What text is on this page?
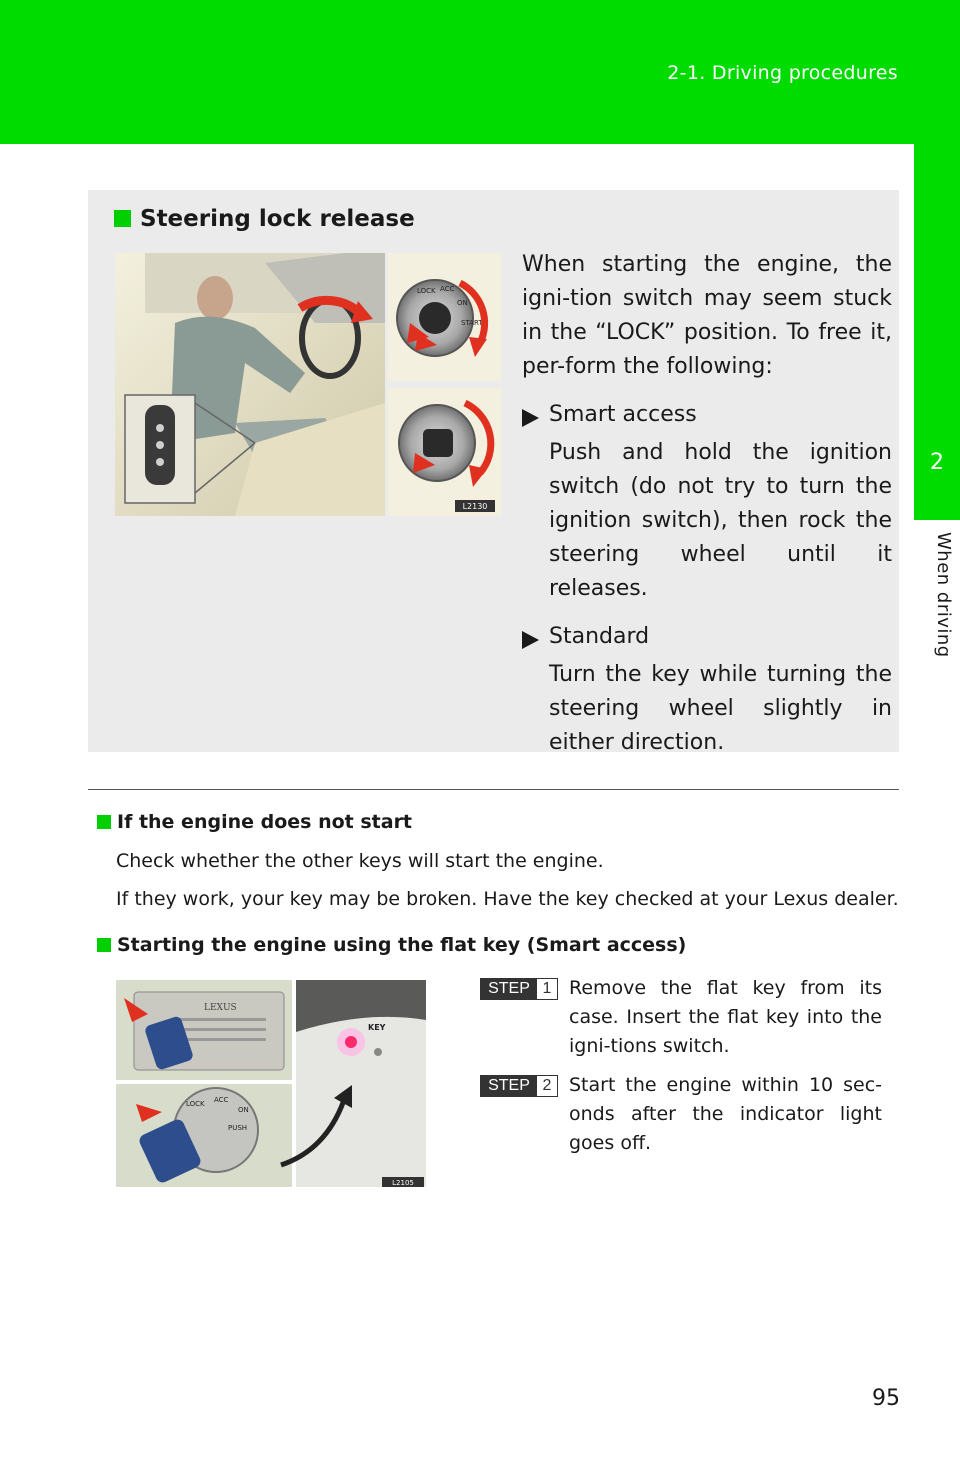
2-1. Driving procedures
2
When driving
Steering lock release
LOCK ACC
ON
START
L2130

When starting the engine, the igni-tion switch may seem stuck in the “LOCK” position. To free it, per-form the following:

Smart access

Push and hold the ignition switch (do not try to turn the ignition switch), then rock the steering wheel until it releases.

Standard

Turn the key while turning the steering wheel slightly in either direction.

If the engine does not start
Check whether the other keys will start the engine.
If they work, your key may be broken. Have the key checked at your Lexus dealer.
Starting the engine using the flat key (Smart access)
LEXUS
LOCK ACC
ON
PUSH
KEY
L2105
STEP 1 Remove the flat key from its case. Insert the flat key into the igni-tions switch.
STEP 2 Start the engine within 10 sec-onds after the indicator light goes off.
95
